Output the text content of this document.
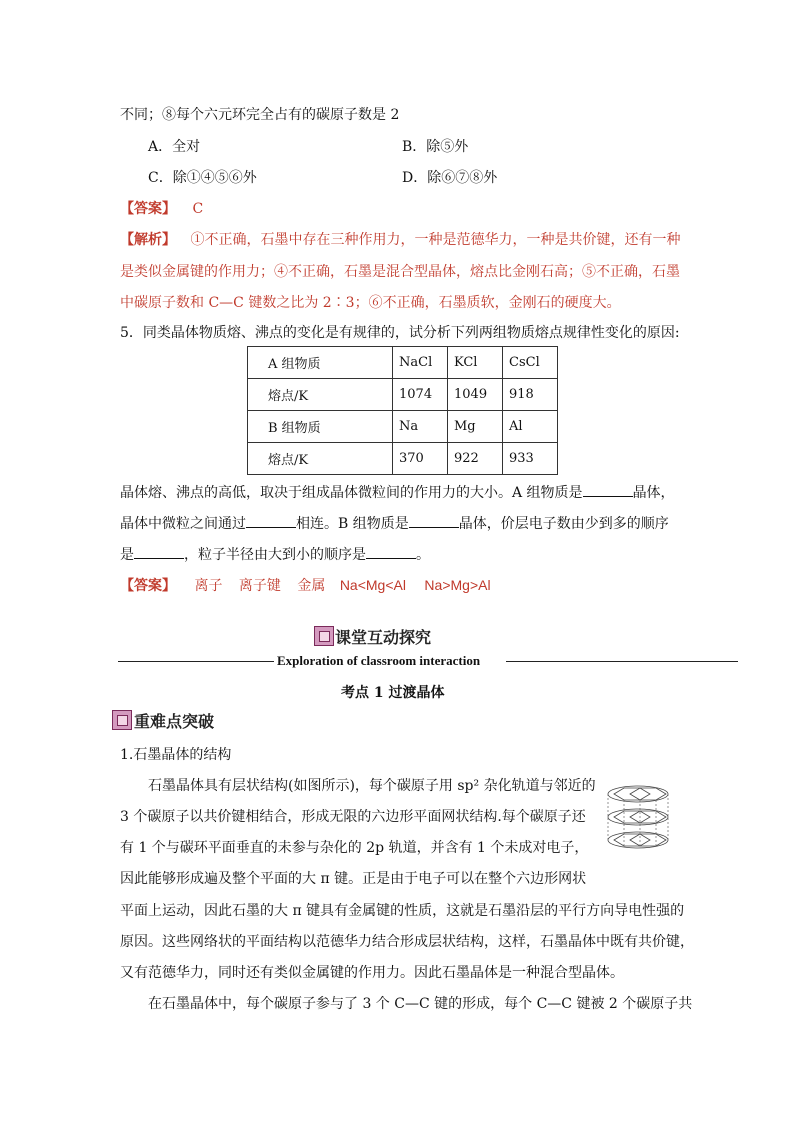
不同；⑧每个六元环完全占有的碳原子数是 2
A．全对	B．除⑤外
C．除①④⑤⑥外	D．除⑥⑦⑧外
【答案】 C
【解析】 ①不正确，石墨中存在三种作用力，一种是范德华力，一种是共价键，还有一种
是类似金属键的作用力；④不正确，石墨是混合型晶体，熔点比金刚石高；⑤不正确，石墨
中碳原子数和 C—C 键数之比为 2∶3；⑥不正确，石墨质软，金刚石的硬度大。
5．同类晶体物质熔、沸点的变化是有规律的，试分析下列两组物质熔点规律性变化的原因:
A 组物质	NaCl	KCl	CsCl
熔点/K	1074	1049	918
B 组物质	Na	Mg	Al
熔点/K	370	922	933
晶体熔、沸点的高低，取决于组成晶体微粒间的作用力的大小。A 组物质是	晶体，
晶体中微粒之间通过	相连。B 组物质是	晶体，价层电子数由少到多的顺序
是	，粒子半径由大到小的顺序是	。
【答案】 离子 离子键 金属 Na<Mg<Al Na>Mg>Al
课堂互动探究
Exploration of classroom interaction
考点 1 过渡晶体
重难点突破
1.石墨晶体的结构
石墨晶体具有层状结构(如图所示)，每个碳原子用 sp² 杂化轨道与邻近的
3 个碳原子以共价键相结合，形成无限的六边形平面网状结构.每个碳原子还
有 1 个与碳环平面垂直的未参与杂化的 2p 轨道，并含有 1 个未成对电子，
因此能够形成遍及整个平面的大 π 键。正是由于电子可以在整个六边形网状
平面上运动，因此石墨的大 π 键具有金属键的性质，这就是石墨沿层的平行方向导电性强的
原因。这些网络状的平面结构以范德华力结合形成层状结构，这样，石墨晶体中既有共价键，
又有范德华力，同时还有类似金属键的作用力。因此石墨晶体是一种混合型晶体。
在石墨晶体中，每个碳原子参与了 3 个 C—C 键的形成，每个 C—C 键被 2 个碳原子共
